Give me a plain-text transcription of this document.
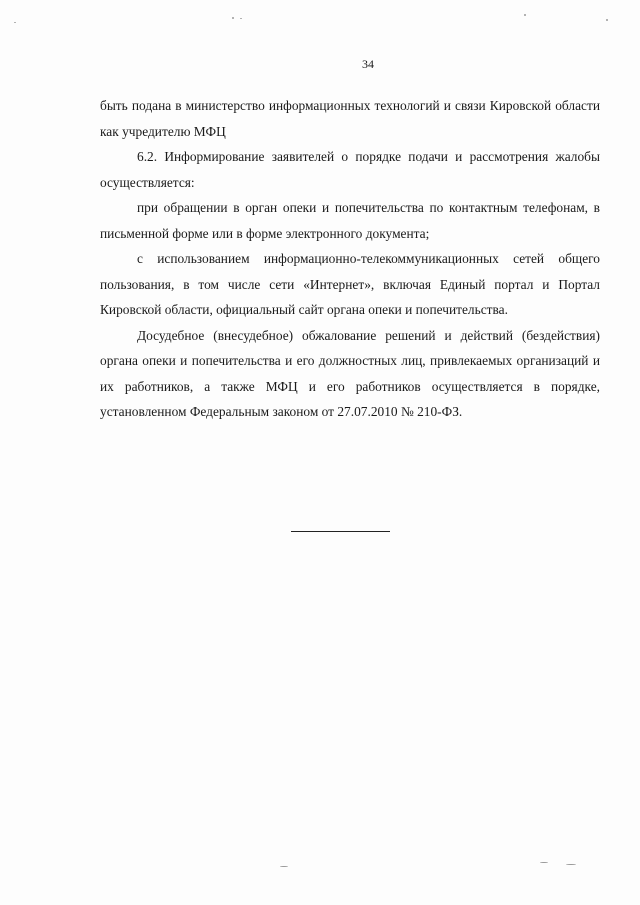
34

быть подана в министерство информационных технологий и связи Кировской области как учредителю МФЦ

6.2. Информирование заявителей о порядке подачи и рассмотрения жалобы осуществляется:

при обращении в орган опеки и попечительства по контактным телефонам, в письменной форме или в форме электронного документа;

с использованием информационно-телекоммуникационных сетей общего пользования, в том числе сети «Интернет», включая Единый портал и Портал Кировской области, официальный сайт органа опеки и попечительства.

Досудебное (внесудебное) обжалование решений и действий (бездействия) органа опеки и попечительства и его должностных лиц, привлекаемых организаций и их работников, а также МФЦ и его работников осуществляется в порядке, установленном Федеральным законом от 27.07.2010 № 210-ФЗ.
